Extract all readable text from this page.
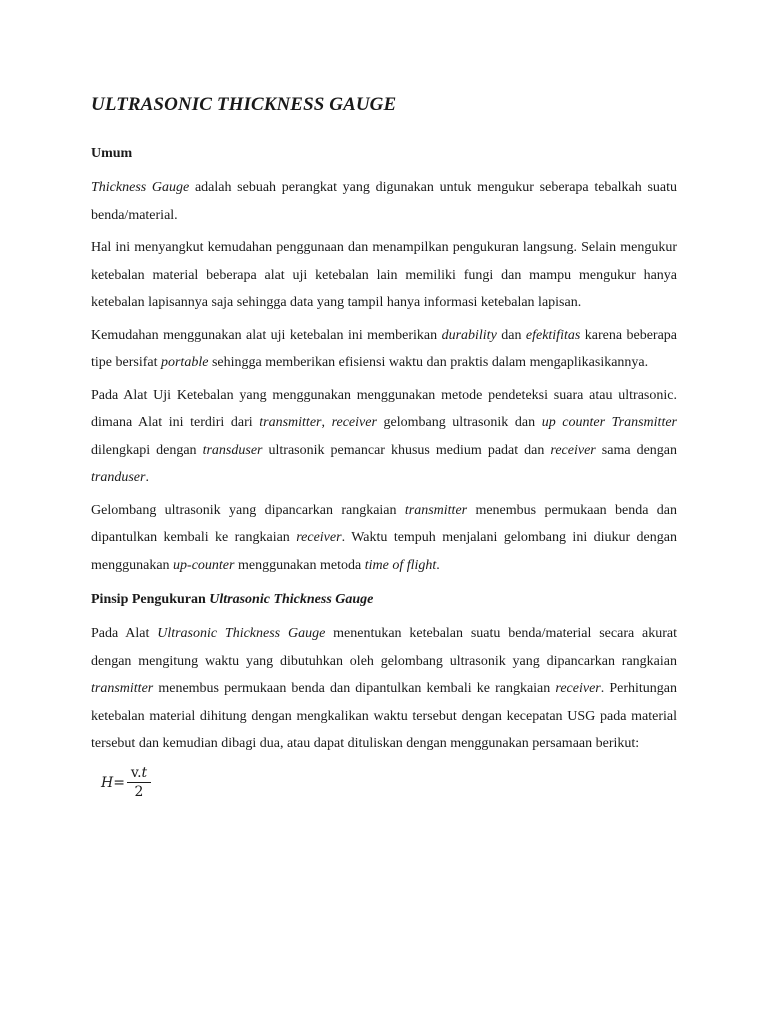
ULTRASONIC THICKNESS GAUGE
Umum

Thickness Gauge adalah sebuah perangkat yang digunakan untuk mengukur seberapa tebalkah suatu benda/material.

Hal ini menyangkut kemudahan penggunaan dan menampilkan pengukuran langsung. Selain mengukur ketebalan material beberapa alat uji ketebalan lain memiliki fungi dan mampu mengukur hanya ketebalan lapisannya saja sehingga data yang tampil hanya informasi ketebalan lapisan.

Kemudahan menggunakan alat uji ketebalan ini memberikan durability dan efektifitas karena beberapa tipe bersifat portable sehingga memberikan efisiensi waktu dan praktis dalam mengaplikasikannya.

Pada Alat Uji Ketebalan yang menggunakan menggunakan metode pendeteksi suara atau ultrasonic. dimana Alat ini terdiri dari transmitter, receiver gelombang ultrasonik dan up counter Transmitter dilengkapi dengan transduser ultrasonik pemancar khusus medium padat dan receiver sama dengan tranduser.

Gelombang ultrasonik yang dipancarkan rangkaian transmitter menembus permukaan benda dan dipantulkan kembali ke rangkaian receiver. Waktu tempuh menjalani gelombang ini diukur dengan menggunakan up-counter menggunakan metoda time of flight.

Pinsip Pengukuran Ultrasonic Thickness Gauge

Pada Alat Ultrasonic Thickness Gauge menentukan ketebalan suatu benda/material secara akurat dengan mengitung waktu yang dibutuhkan oleh gelombang ultrasonik yang dipancarkan rangkaian transmitter menembus permukaan benda dan dipantulkan kembali ke rangkaian receiver. Perhitungan ketebalan material dihitung dengan mengkalikan waktu tersebut dengan kecepatan USG pada material tersebut dan kemudian dibagi dua, atau dapat dituliskan dengan menggunakan persamaan berikut:

H=
v.t
2
